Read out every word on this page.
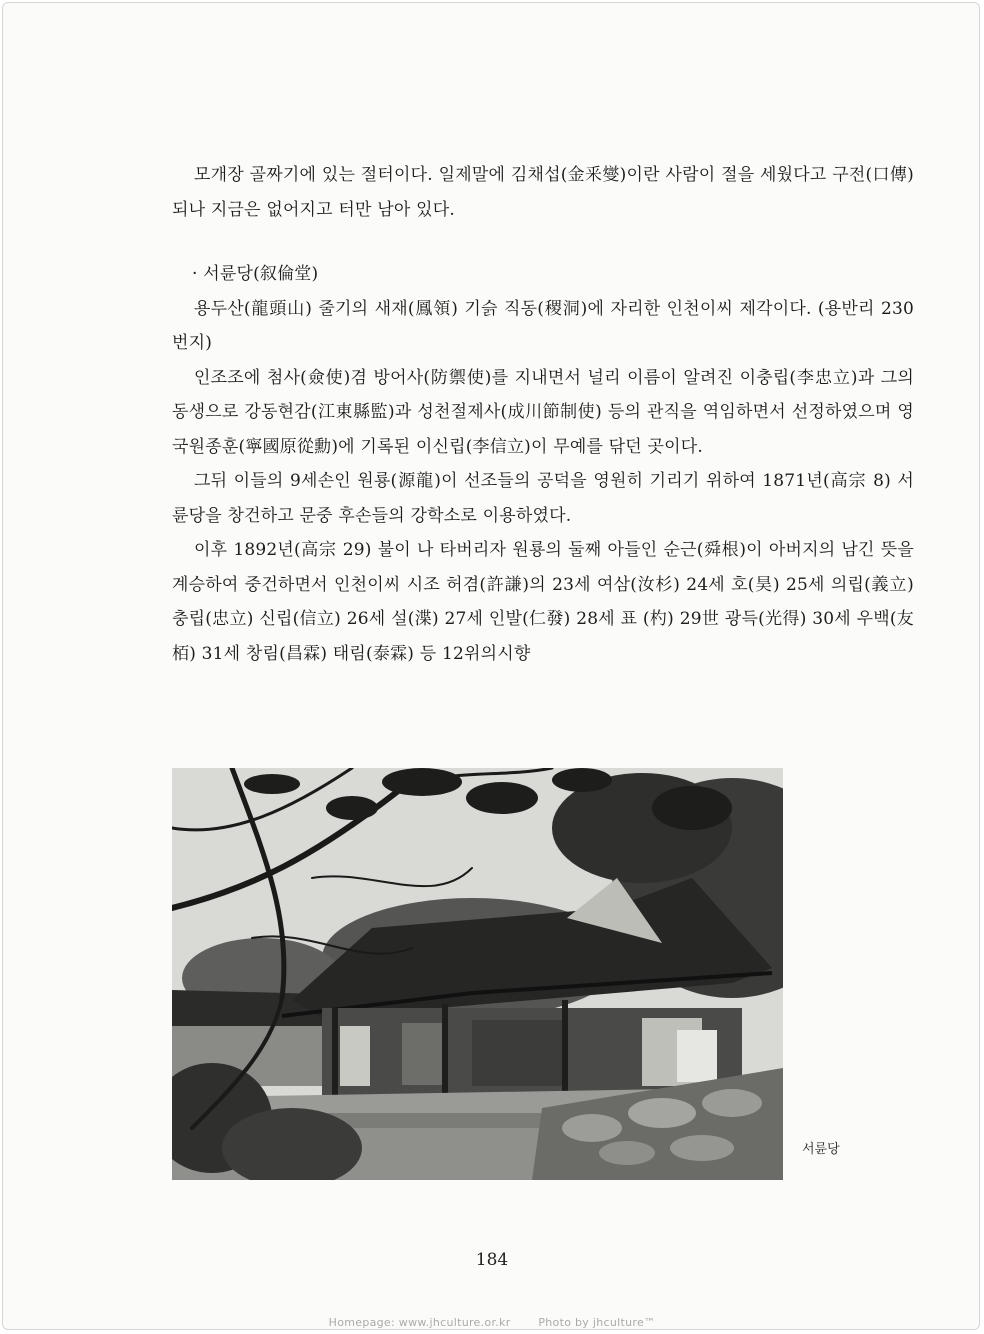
모개장 골짜기에 있는 절터이다. 일제말에 김채섭(金釆燮)이란 사람이 절을 세웠다고 구전(口傳)되나 지금은 없어지고 터만 남아 있다.

· 서륜당(叙倫堂)

용두산(龍頭山) 줄기의 새재(鳳領) 기슭 직동(稷洞)에 자리한 인천이씨 제각이다. (용반리 230번지)

인조조에 첨사(僉使)겸 방어사(防禦使)를 지내면서 널리 이름이 알려진 이충립(李忠立)과 그의 동생으로 강동현감(江東縣監)과 성천절제사(成川節制使) 등의 관직을 역임하면서 선정하였으며 영국원종훈(寧國原從勳)에 기록된 이신립(李信立)이 무예를 닦던 곳이다.

그뒤 이들의 9세손인 원룡(源龍)이 선조들의 공덕을 영원히 기리기 위하여 1871년(高宗 8) 서륜당을 창건하고 문중 후손들의 강학소로 이용하였다.

이후 1892년(高宗 29) 불이 나 타버리자 원룡의 둘째 아들인 순근(舜根)이 아버지의 남긴 뜻을 계승하여 중건하면서 인천이씨 시조 허겸(許謙)의 23세 여삼(汝杉) 24세 호(昊) 25세 의립(義立) 충립(忠立) 신립(信立) 26세 설(渫) 27세 인발(仁發) 28세 표 (杓) 29世 광득(光得) 30세 우백(友栢) 31세 창림(昌霖) 태림(泰霖) 등 12위의시향

서륜당
184
Homepage: www.jhculture.or.kr	Photo by jhculture™
